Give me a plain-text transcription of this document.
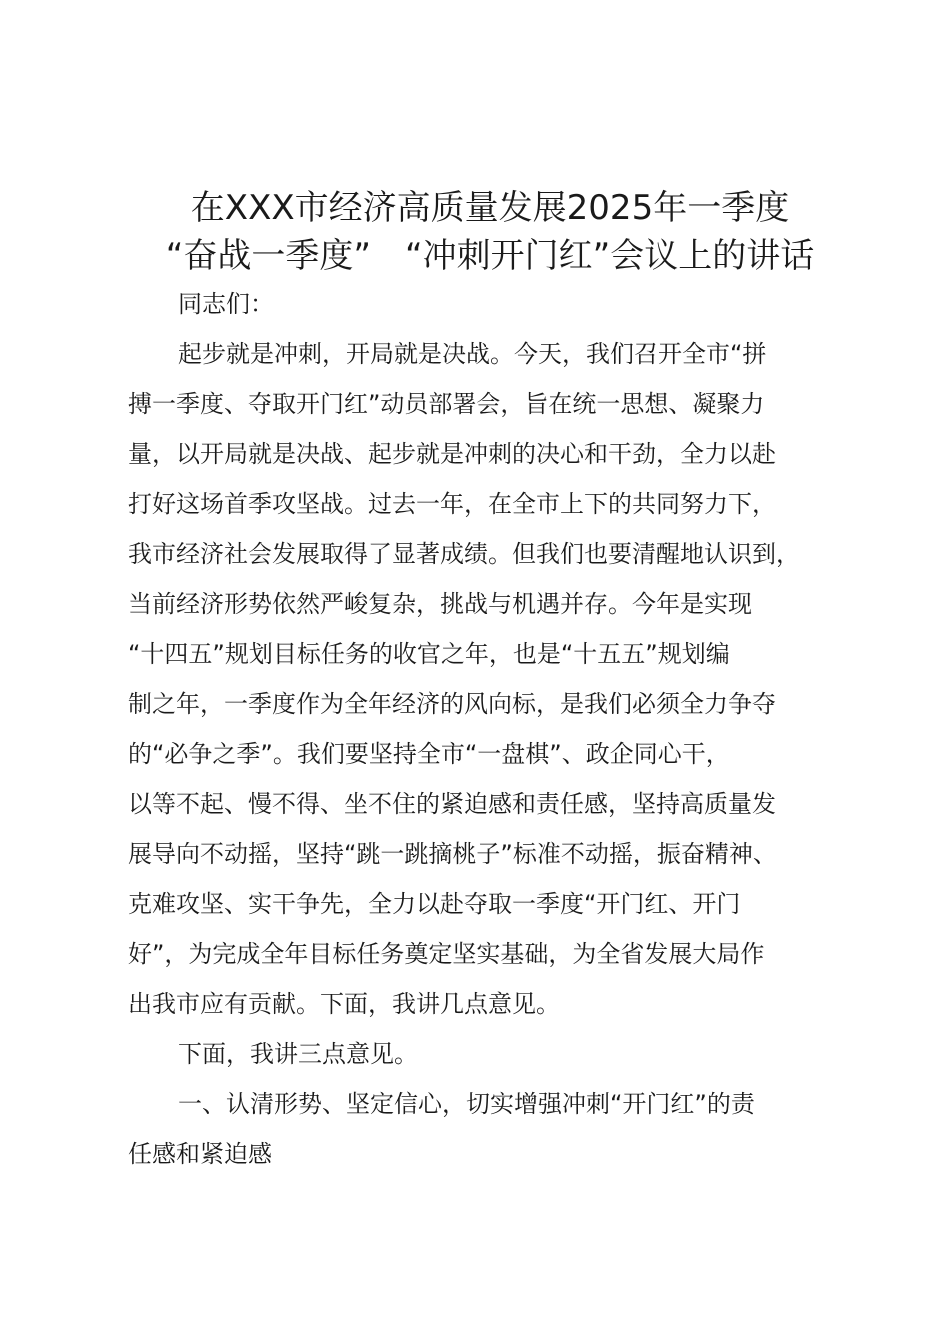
在XXX市经济高质量发展2025年一季度
“奋战一季度”　“冲刺开门红”会议上的讲话
同志们：
起步就是冲刺，开局就是决战。今天，我们召开全市“拼
搏一季度、夺取开门红”动员部署会，旨在统一思想、凝聚力
量，以开局就是决战、起步就是冲刺的决心和干劲，全力以赴
打好这场首季攻坚战。过去一年，在全市上下的共同努力下，
我市经济社会发展取得了显著成绩。但我们也要清醒地认识到，
当前经济形势依然严峻复杂，挑战与机遇并存。今年是实现
“十四五”规划目标任务的收官之年，也是“十五五”规划编
制之年，一季度作为全年经济的风向标，是我们必须全力争夺
的“必争之季”。我们要坚持全市“一盘棋”、政企同心干，
以等不起、慢不得、坐不住的紧迫感和责任感，坚持高质量发
展导向不动摇，坚持“跳一跳摘桃子”标准不动摇，振奋精神、
克难攻坚、实干争先，全力以赴夺取一季度“开门红、开门
好”，为完成全年目标任务奠定坚实基础，为全省发展大局作
出我市应有贡献。下面，我讲几点意见。
下面，我讲三点意见。
一、认清形势、坚定信心，切实增强冲刺“开门红”的责
任感和紧迫感
